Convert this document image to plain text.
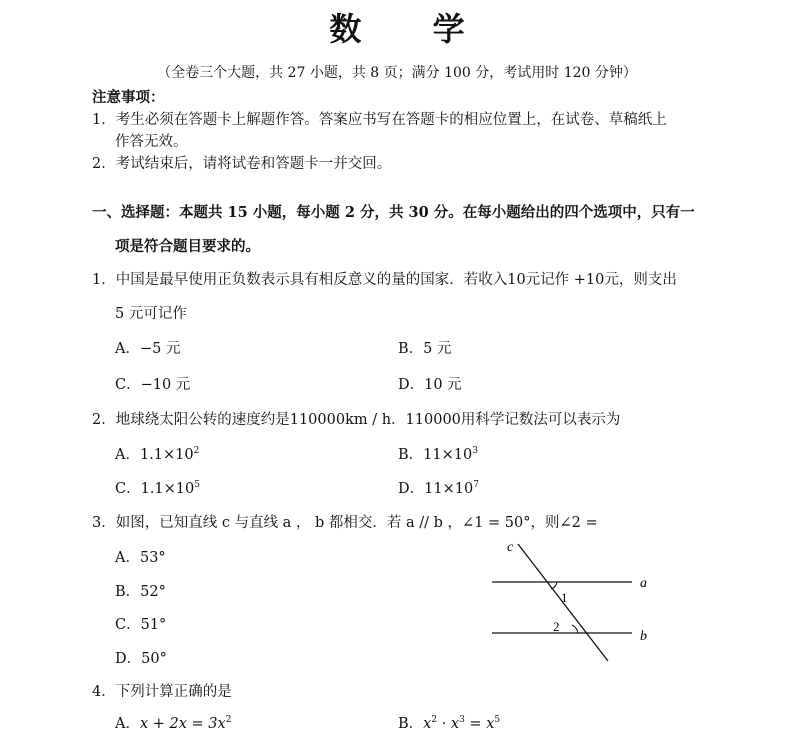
数 学
（全卷三个大题，共 27 小题，共 8 页；满分 100 分，考试用时 120 分钟）
注意事项：
1．考生必须在答题卡上解题作答。答案应书写在答题卡的相应位置上，在试卷、草稿纸上
作答无效。
2．考试结束后，请将试卷和答题卡一并交回。
一、选择题：本题共 15 小题，每小题 2 分，共 30 分。在每小题给出的四个选项中，只有一
项是符合题目要求的。
1．中国是最早使用正负数表示具有相反意义的量的国家．若收入10元记作 +10元，则支出
5 元可记作
A．−5 元	B．5 元
C．−10 元	D．10 元
2．地球绕太阳公转的速度约是110000km / h．110000用科学记数法可以表示为
A．$1.1\times 10^2$	B．$11\times 10^3$
C．$1.1\times 10^5$	D．$11\times 10^7$
3．如图，已知直线 c 与直线 a ， b 都相交．若 a // b ，∠1 = 50°，则∠2 =
A．53°
B．52°
C．51°
D．50°
c
a
b
1
2
4．下列计算正确的是
A．$x + 2x = 3x^2$	B．$x^2 \cdot x^3 = x^5$
